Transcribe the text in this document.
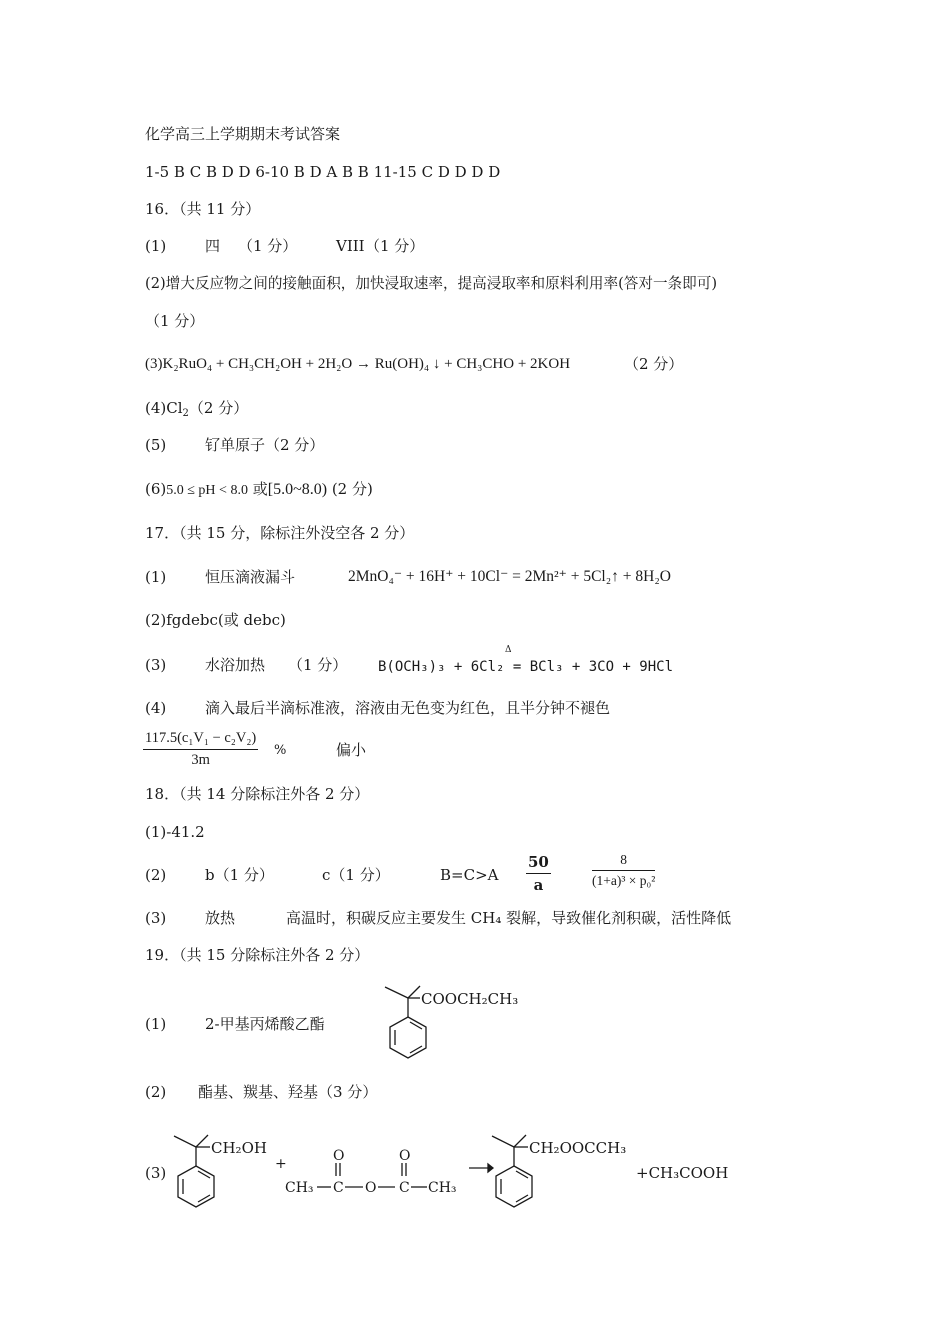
化学高三上学期期末考试答案
1-5 B C B D D 6-10 B D A B B 11-15 C D D D D
16．（共 11 分）
(1)	四 （1 分）	VIII （1 分）
(2)增大反应物之间的接触面积，加快浸取速率，提高浸取率和原料利用率(答对一条即可)
（1 分）
(3)K₂RuO₄ + CH₃CH₂OH + 2H₂O → Ru(OH)₄ ↓ + CH₃CHO + 2KOH	（2 分）
$(4)Cl_2(2$ 分）
(5)	钌单原子（2 分）
(6)5.0 ≤ pH < 8.0 或[5.0~8.0) (2 分)
17．（共 15 分，除标注外没空各 2 分）
(1)	恒压滴液漏斗	2MnO₄⁻ + 16H⁺ + 10Cl⁻ = 2Mn²⁺ + 5Cl₂↑ + 8H₂O
(2)fgdebc(或 debc)
(3)	水浴加热 （1 分） B(OCH₃)₃ + 6Cl₂ = BCl₃ + 3CO + 9HCl
Δ
(4)	滴入最后半滴标准液，溶液由无色变为红色，且半分钟不褪色
117.5(c₁V₁ − c₂V₂)
3m
%	偏小
18．（共 14 分除标注外各 2 分）
(1)-41.2
(2)	b（1 分）	c（1 分）	B=C>A
50
a
8
(1+a)³ × p₀²
(3)	放热	高温时，积碳反应主要发生 CH₄ 裂解，导致催化剂积碳，活性降低
19．（共 15 分除标注外各 2 分）
(1)	2-甲基丙烯酸乙酯
COOCH₂CH₃
(2) 酯基、羰基、羟基（3 分）
(3)
CH₂OH
+	O
CH₃ C O
O
C CH₃
CH₂OOCCH₃
+CH₃COOH
